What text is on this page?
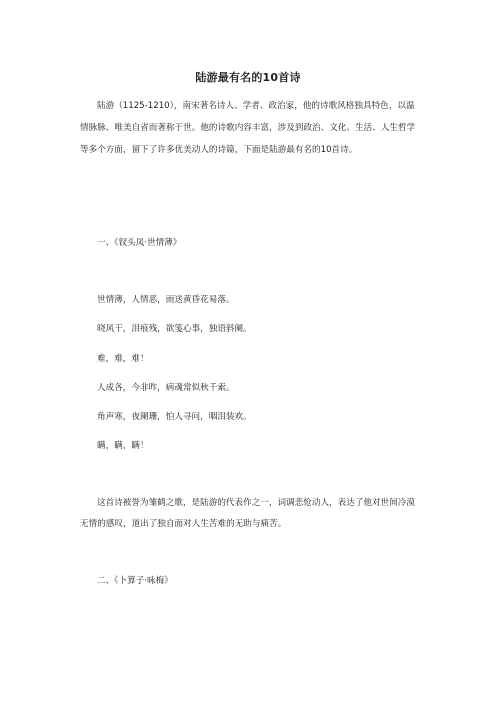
陆游最有名的10首诗

陆游（1125-1210），南宋著名诗人、学者、政治家，他的诗歌风格独具特色，以温情脉脉、唯美自省而著称于世。他的诗歌内容丰富，涉及到政治、文化、生活、人生哲学等多个方面，留下了许多优美动人的诗篇，下面是陆游最有名的10首诗。

一、《钗头凤·世情薄》

世情薄，人情恶，雨送黄昏花易落。

晓风干，泪痕残，欲笺心事，独语斜阑。

难，难，难！

人成各，今非昨，病魂常似秋千索。

角声寒，夜阑珊，怕人寻问，咽泪装欢。

瞒，瞒，瞒！

这首诗被誉为雏鹤之歌，是陆游的代表作之一，词调悲怆动人，表达了他对世间冷漠无情的感叹，道出了独自面对人生苦难的无助与痛苦。

二、《卜算子·咏梅》
